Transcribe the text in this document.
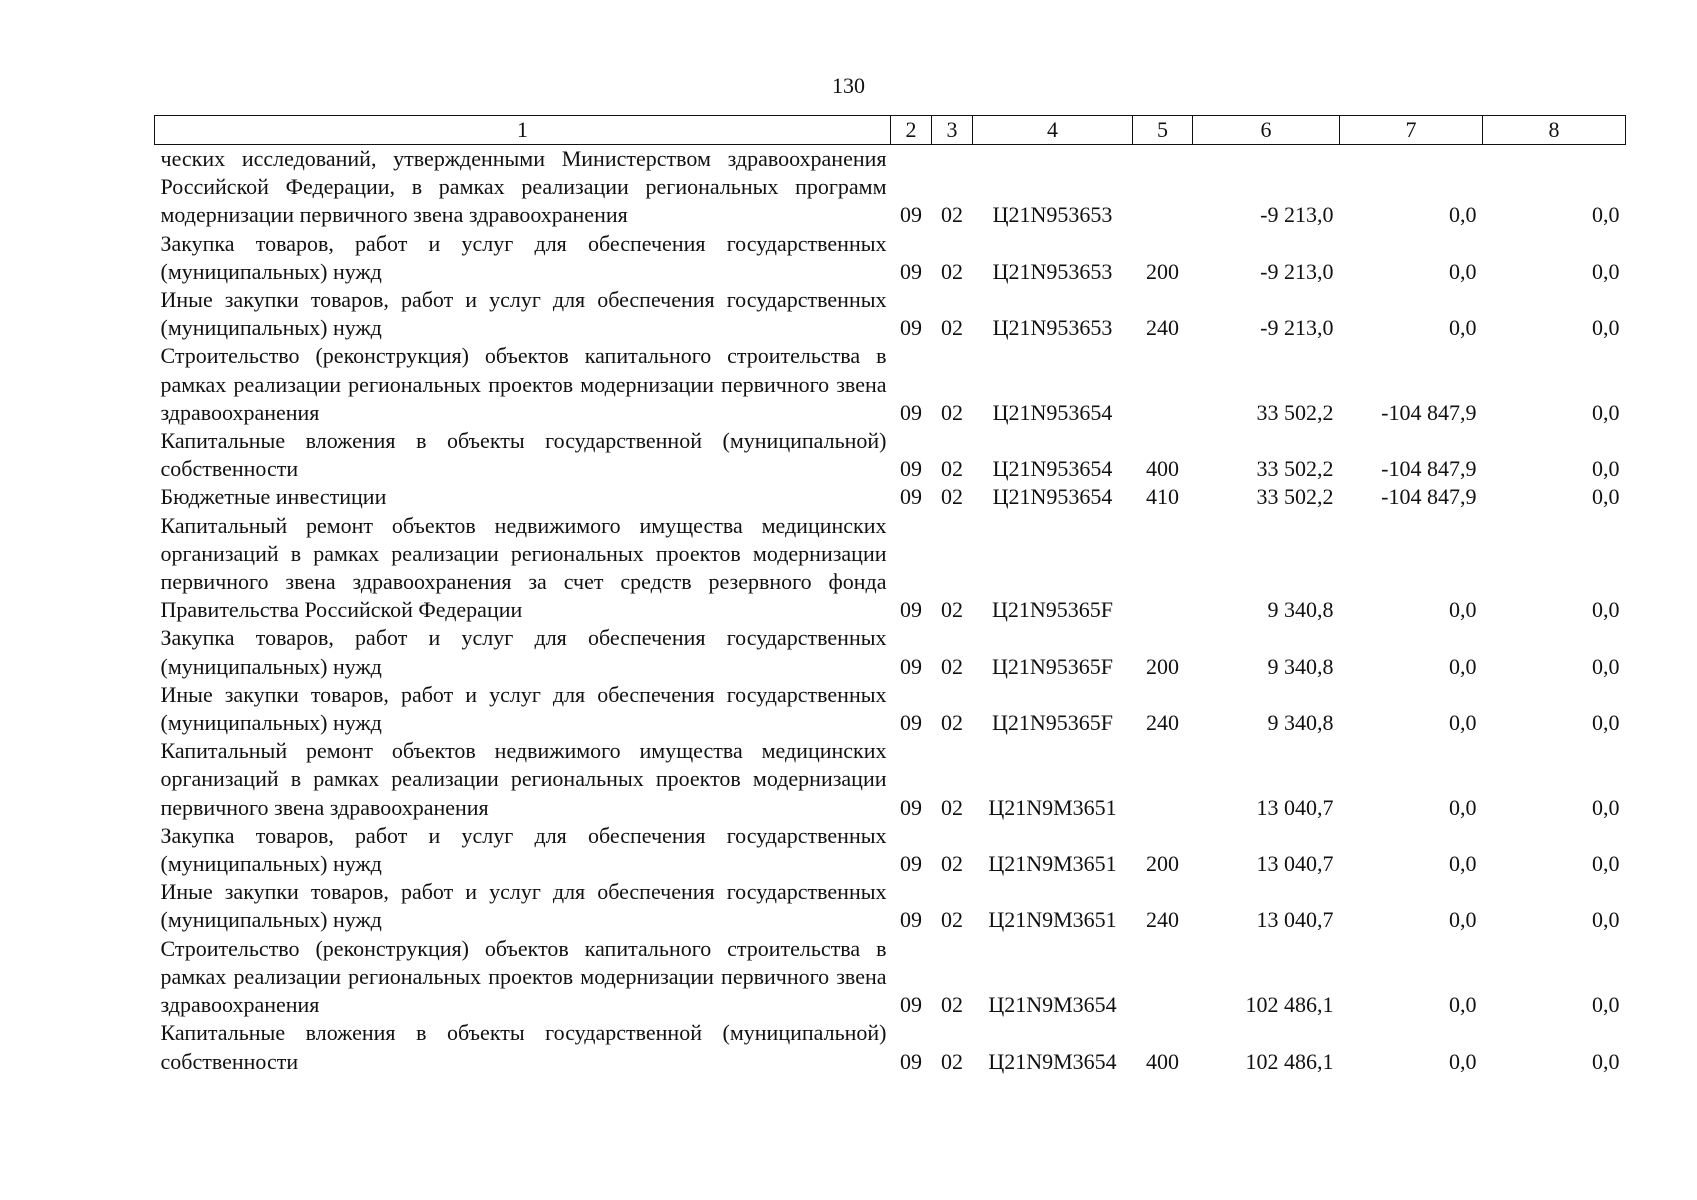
130
1	2	3	4	5	6	7	8
ческих исследований, утвержденными Министерством здравоохранения Российской Федерации, в рамках реализации региональных программ модернизации первичного звена здравоохранения	09	02	Ц21N953653		-9 213,0	0,0	0,0
Закупка товаров, работ и услуг для обеспечения государственных (муниципальных) нужд	09	02	Ц21N953653	200	-9 213,0	0,0	0,0
Иные закупки товаров, работ и услуг для обеспечения государственных (муниципальных) нужд	09	02	Ц21N953653	240	-9 213,0	0,0	0,0
Строительство (реконструкция) объектов капитального строительства в рамках реализации региональных проектов модернизации первичного звена здравоохранения	09	02	Ц21N953654		33 502,2	-104 847,9	0,0
Капитальные вложения в объекты государственной (муниципальной) собственности	09	02	Ц21N953654	400	33 502,2	-104 847,9	0,0
Бюджетные инвестиции	09	02	Ц21N953654	410	33 502,2	-104 847,9	0,0
Капитальный ремонт объектов недвижимого имущества медицинских организаций в рамках реализации региональных проектов модернизации первичного звена здравоохранения за счет средств резервного фонда Правительства Российской Федерации	09	02	Ц21N95365F		9 340,8	0,0	0,0
Закупка товаров, работ и услуг для обеспечения государственных (муниципальных) нужд	09	02	Ц21N95365F	200	9 340,8	0,0	0,0
Иные закупки товаров, работ и услуг для обеспечения государственных (муниципальных) нужд	09	02	Ц21N95365F	240	9 340,8	0,0	0,0
Капитальный ремонт объектов недвижимого имущества медицинских организаций в рамках реализации региональных проектов модернизации первичного звена здравоохранения	09	02	Ц21N9M3651		13 040,7	0,0	0,0
Закупка товаров, работ и услуг для обеспечения государственных (муниципальных) нужд	09	02	Ц21N9M3651	200	13 040,7	0,0	0,0
Иные закупки товаров, работ и услуг для обеспечения государственных (муниципальных) нужд	09	02	Ц21N9M3651	240	13 040,7	0,0	0,0
Строительство (реконструкция) объектов капитального строительства в рамках реализации региональных проектов модернизации первичного звена здравоохранения	09	02	Ц21N9M3654		102 486,1	0,0	0,0
Капитальные вложения в объекты государственной (муниципальной) собственности	09	02	Ц21N9M3654	400	102 486,1	0,0	0,0
